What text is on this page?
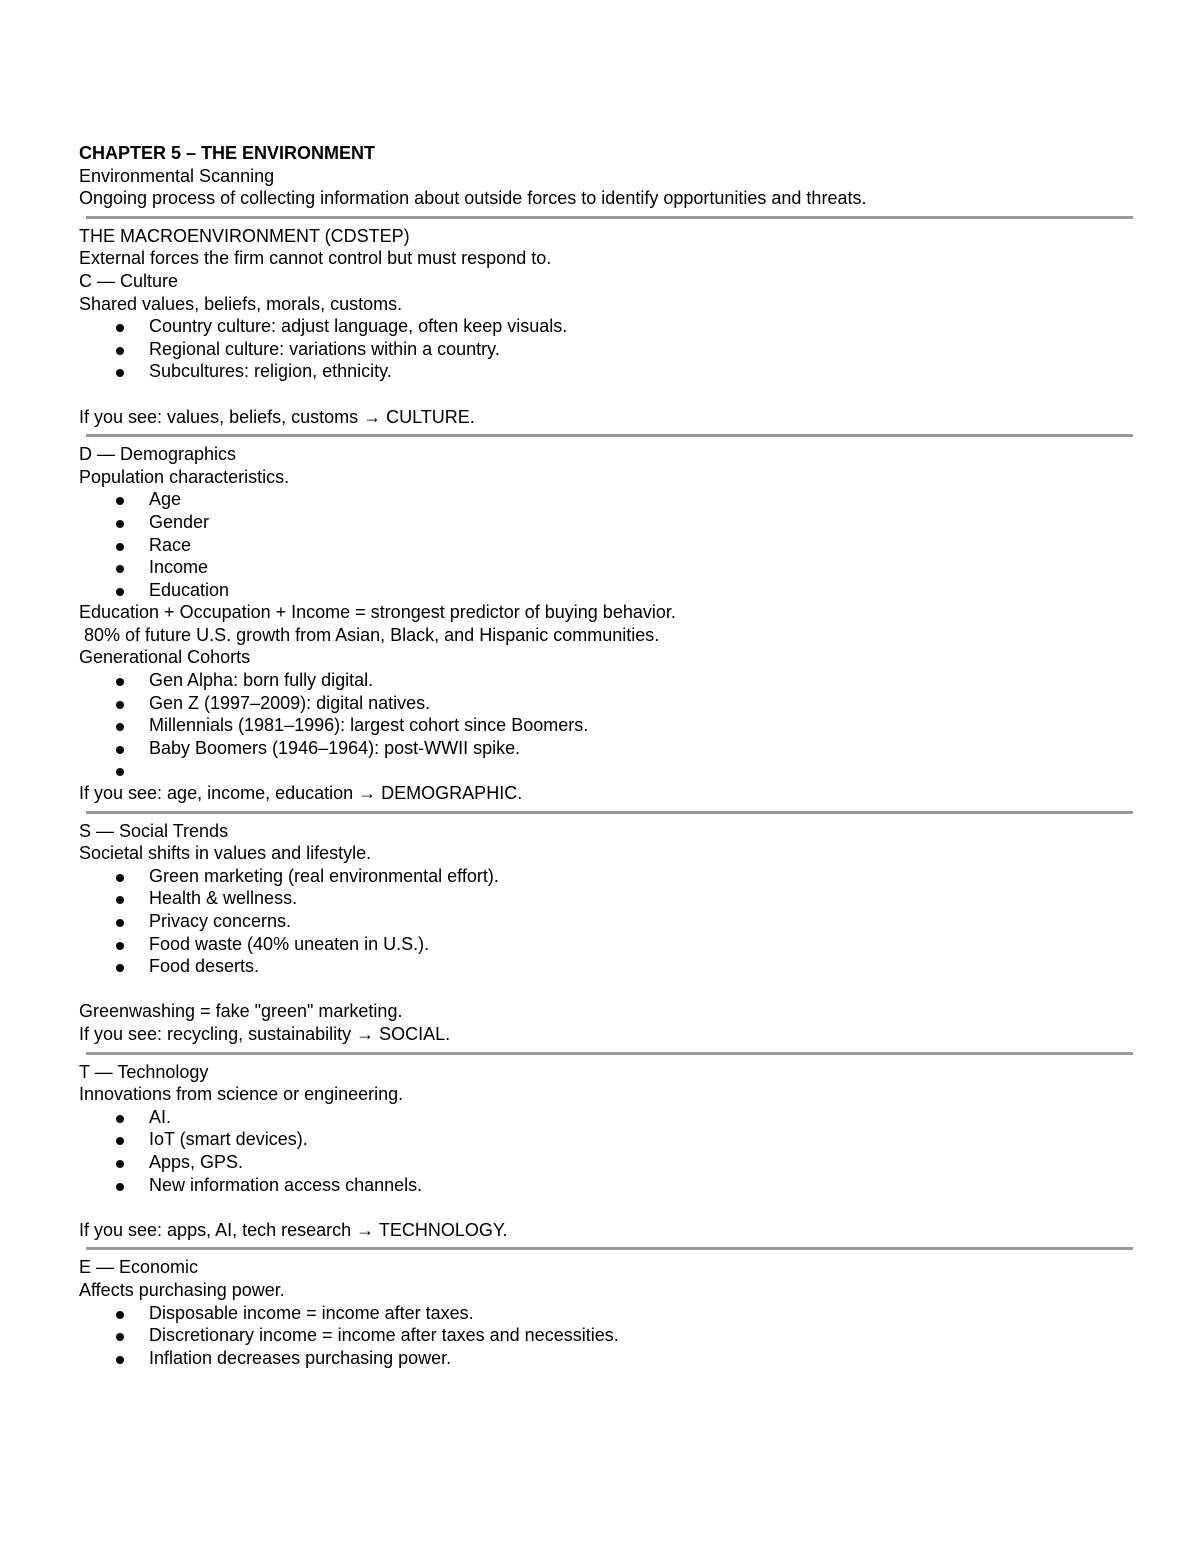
CHAPTER 5 – THE ENVIRONMENT
Environmental Scanning
Ongoing process of collecting information about outside forces to identify opportunities and threats.
THE MACROENVIRONMENT (CDSTEP)
External forces the firm cannot control but must respond to.
C — Culture
Shared values, beliefs, morals, customs.
Country culture: adjust language, often keep visuals.
Regional culture: variations within a country.
Subcultures: religion, ethnicity.
If you see: values, beliefs, customs → CULTURE.
D — Demographics
Population characteristics.
Age
Gender
Race
Income
Education
Education + Occupation + Income = strongest predictor of buying behavior.
80% of future U.S. growth from Asian, Black, and Hispanic communities.
Generational Cohorts
Gen Alpha: born fully digital.
Gen Z (1997–2009): digital natives.
Millennials (1981–1996): largest cohort since Boomers.
Baby Boomers (1946–1964): post-WWII spike.
If you see: age, income, education → DEMOGRAPHIC.
S — Social Trends
Societal shifts in values and lifestyle.
Green marketing (real environmental effort).
Health & wellness.
Privacy concerns.
Food waste (40% uneaten in U.S.).
Food deserts.
Greenwashing = fake "green" marketing.
If you see: recycling, sustainability → SOCIAL.
T — Technology
Innovations from science or engineering.
AI.
IoT (smart devices).
Apps, GPS.
New information access channels.
If you see: apps, AI, tech research → TECHNOLOGY.
E — Economic
Affects purchasing power.
Disposable income = income after taxes.
Discretionary income = income after taxes and necessities.
Inflation decreases purchasing power.
